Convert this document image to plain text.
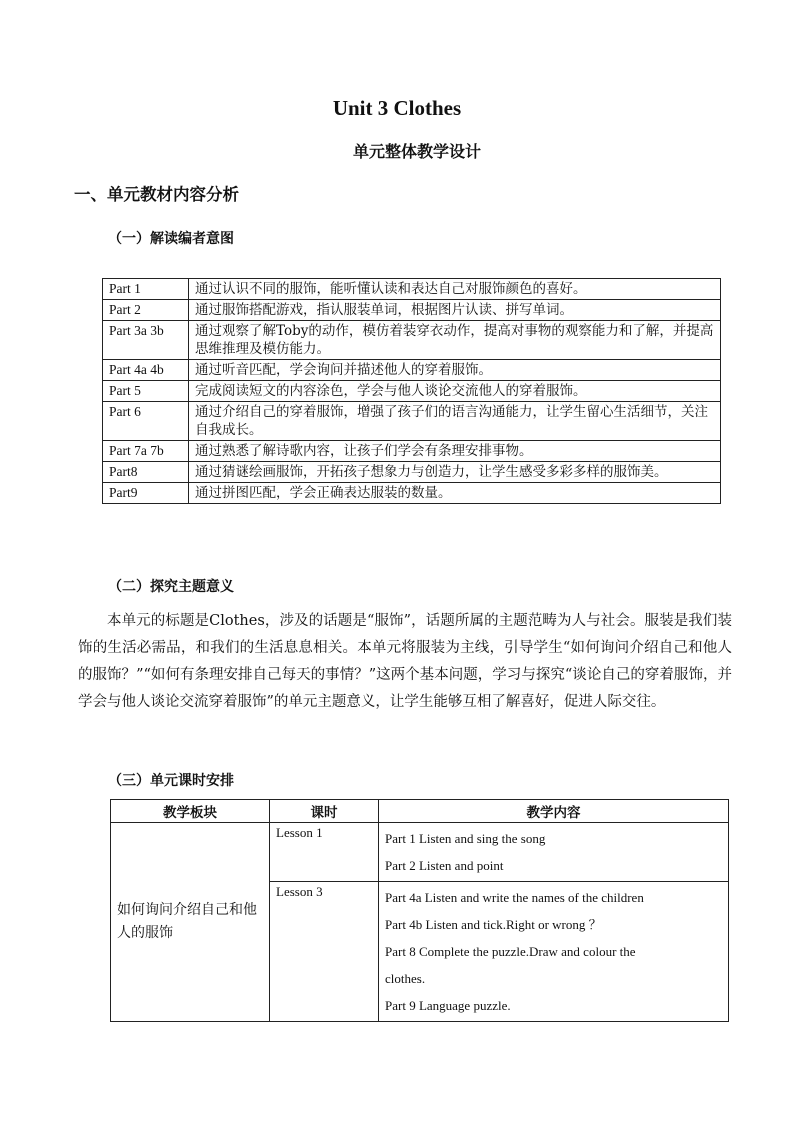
Unit 3 Clothes
单元整体教学设计
一、单元教材内容分析
（一）解读编者意图
Part 1	通过认识不同的服饰，能听懂认读和表达自己对服饰颜色的喜好。
Part 2	通过服饰搭配游戏，指认服装单词，根据图片认读、拼写单词。
Part 3a 3b	通过观察了解Toby的动作，模仿着装穿衣动作，提高对事物的观察能力和了解，并提高思维推理及模仿能力。
Part 4a 4b	通过听音匹配，学会询问并描述他人的穿着服饰。
Part 5	完成阅读短文的内容涂色，学会与他人谈论交流他人的穿着服饰。
Part 6	通过介绍自己的穿着服饰，增强了孩子们的语言沟通能力，让学生留心生活细节，关注自我成长。
Part 7a 7b	通过熟悉了解诗歌内容，让孩子们学会有条理安排事物。
Part8	通过猜谜绘画服饰，开拓孩子想象力与创造力，让学生感受多彩多样的服饰美。
Part9	通过拼图匹配，学会正确表达服装的数量。
（二）探究主题意义
本单元的标题是Clothes，涉及的话题是“服饰”，话题所属的主题范畴为人与社会。服装是我们装饰的生活必需品，和我们的生活息息相关。本单元将服装为主线，引导学生“如何询问介绍自己和他人的服饰？”“如何有条理安排自己每天的事情？”这两个基本问题，学习与探究“谈论自己的穿着服饰，并学会与他人谈论交流穿着服饰”的单元主题意义，让学生能够互相了解喜好，促进人际交往。
（三）单元课时安排
教学板块	课时	教学内容
如何询问介绍自己和他人的服饰	Lesson 1	Part 1 Listen and sing the song
Part 2 Listen and point

	Lesson 3	Part 4a Listen and write the names of the children
Part 4b Listen and tick.Right or wrong ？
Part 8 Complete the puzzle.Draw and colour the
clothes.
Part 9 Language puzzle.
